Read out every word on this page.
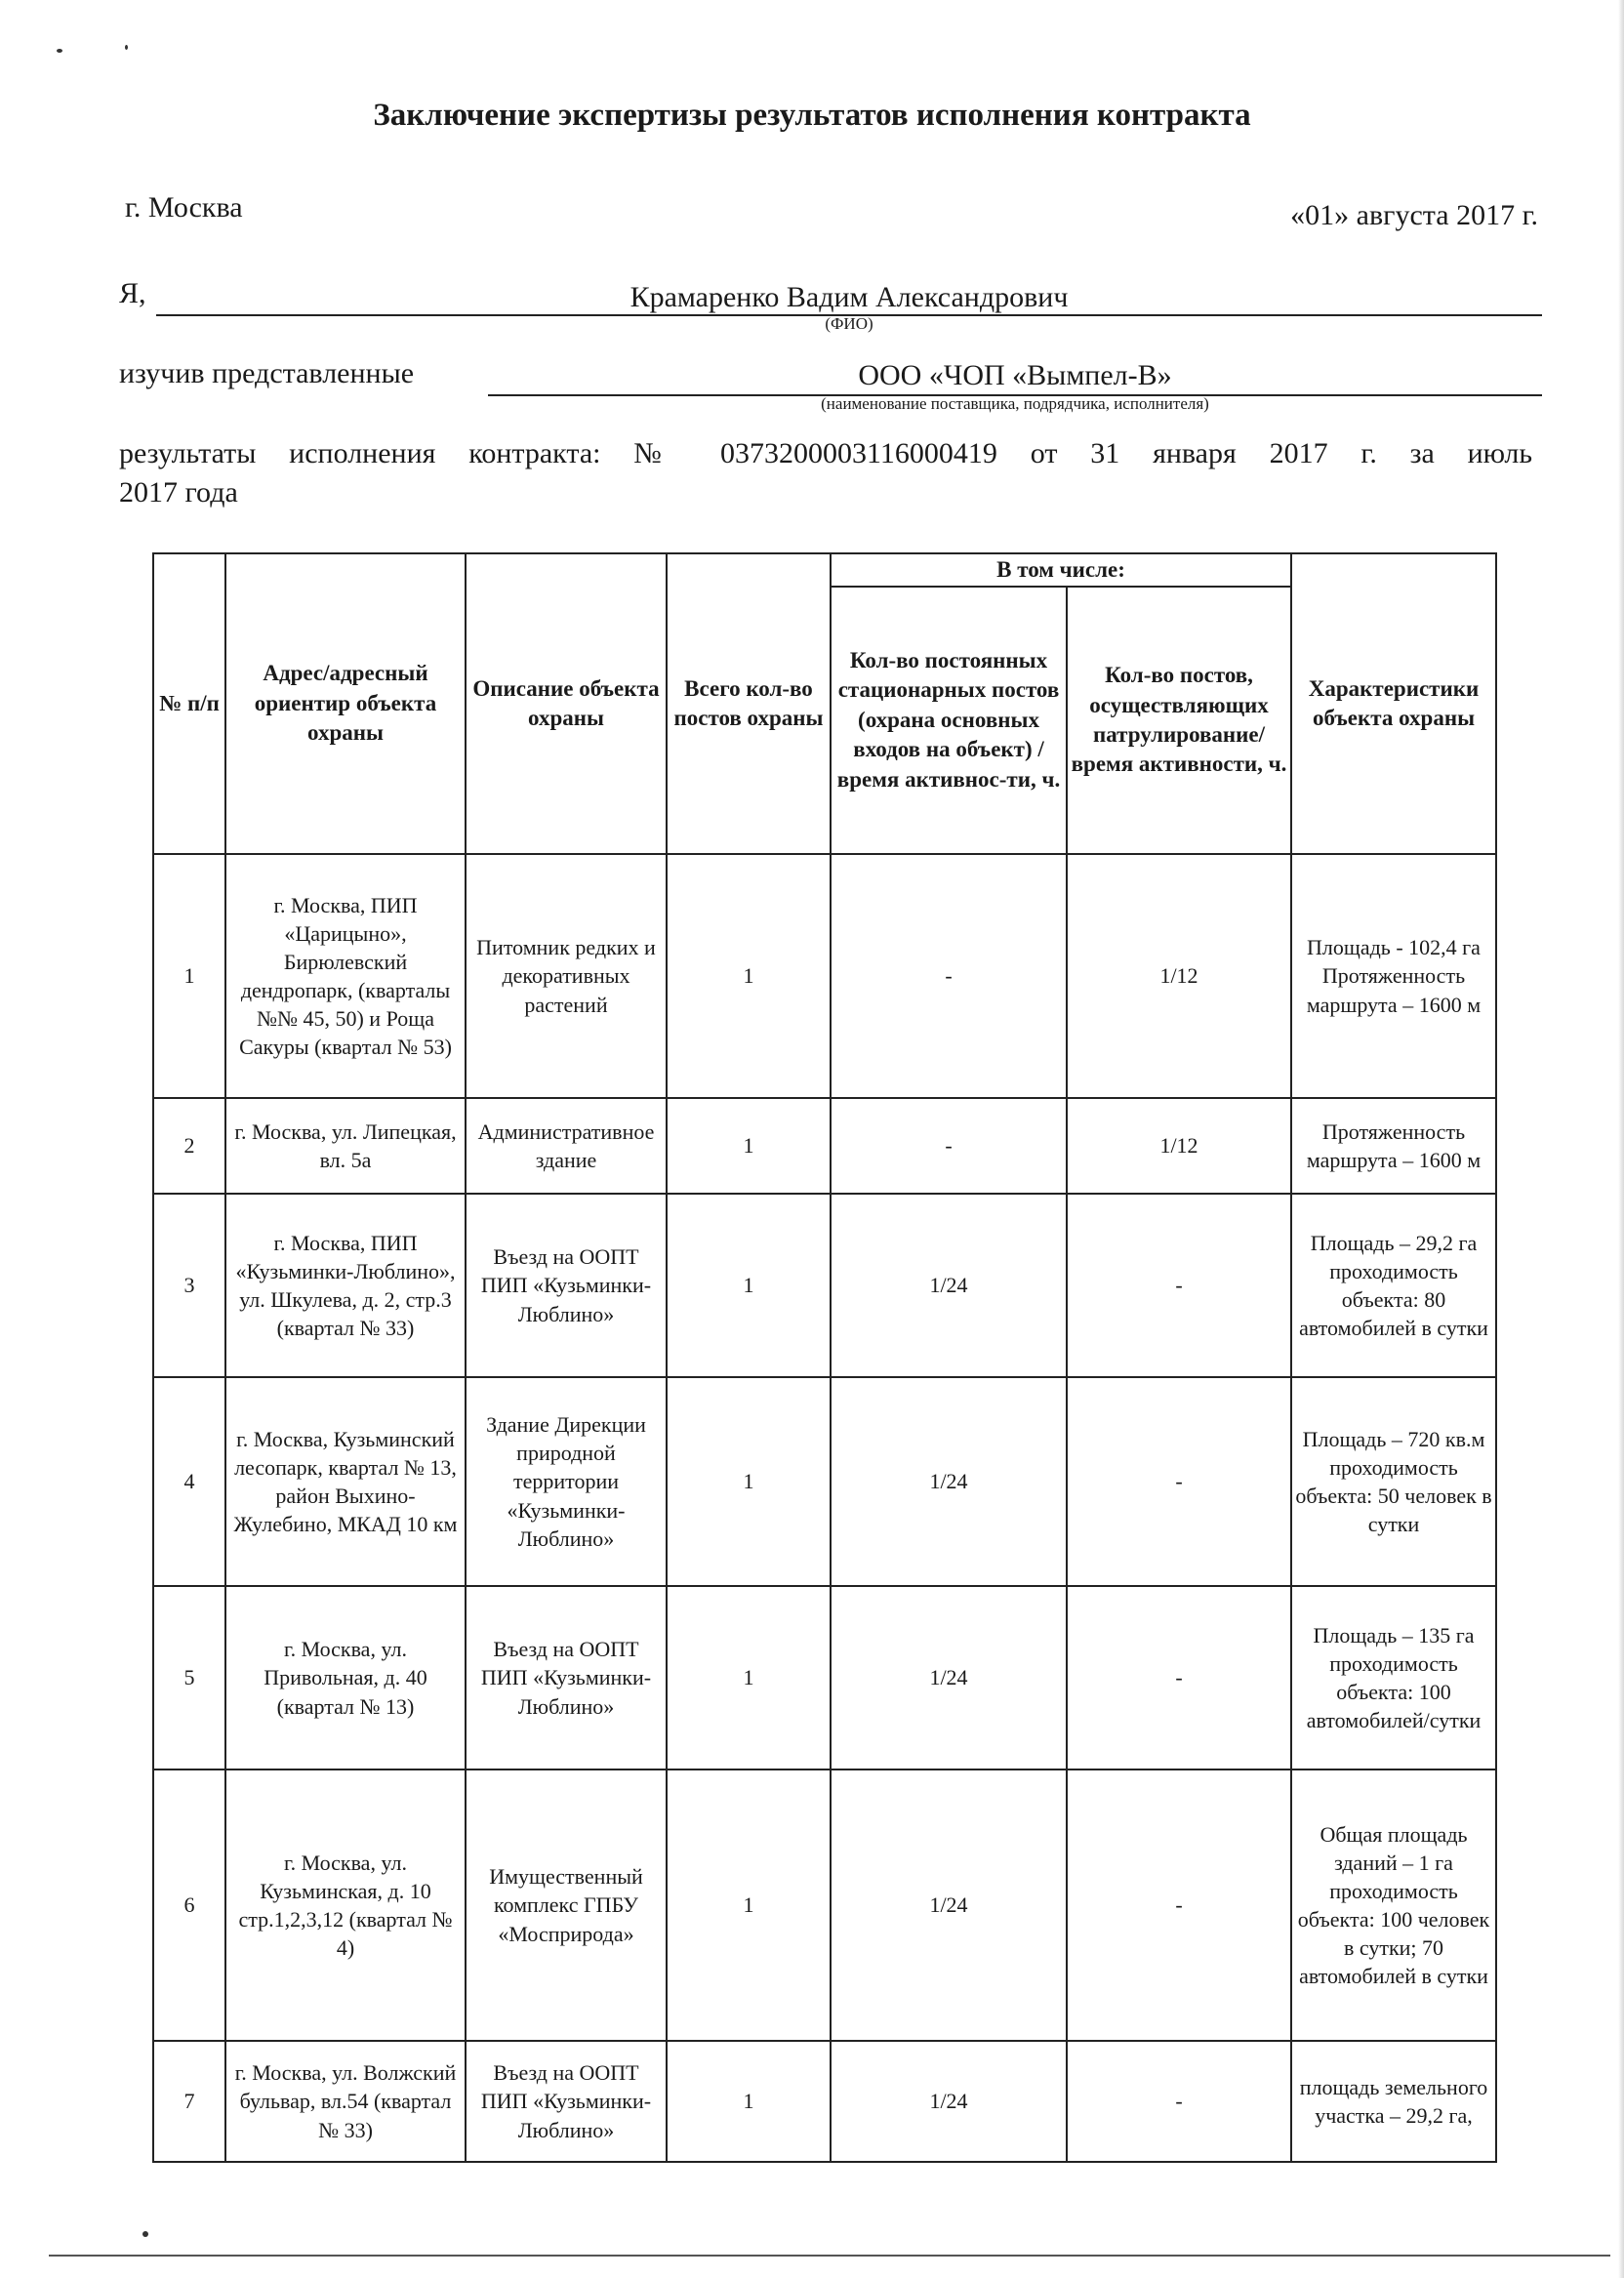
Заключение экспертизы результатов исполнения контракта
г. Москва	«01» августа 2017 г.
Я,	Крамаренко Вадим Александрович
(ФИО)
изучив представленные	ООО «ЧОП «Вымпел-В»
(наименование поставщика, подрядчика, исполнителя)
результаты исполнения контракта: № 0373200003116000419 от 31 января 2017 г. за июль
2017 года
№ п/п	Адрес/адресный ориентир объекта охраны	Описание объекта охраны	Всего кол-во постов охраны	В том числе:		Характеристики объекта охраны
				Кол-во постоянных стационарных постов (охрана основных входов на объект) /время активнос-ти, ч.	Кол-во постов, осуществляющих патрулирование/ время активности, ч.	
1	г. Москва, ПИП «Царицыно», Бирюлевский дендропарк, (кварталы №№ 45, 50) и Роща Сакуры (квартал № 53)	Питомник редких и декоративных растений	1	-	1/12	Площадь - 102,4 га Протяженность маршрута – 1600 м
2	г. Москва, ул. Липецкая, вл. 5а	Административное здание	1	-	1/12	Протяженность маршрута – 1600 м
3	г. Москва, ПИП «Кузьминки-Люблино», ул. Шкулева, д. 2, стр.3 (квартал № 33)	Въезд на ООПТ ПИП «Кузьминки-Люблино»	1	1/24	-	Площадь – 29,2 га проходимость объекта: 80 автомобилей в сутки
4	г. Москва, Кузьминский лесопарк, квартал № 13, район Выхино-Жулебино, МКАД 10 км	Здание Дирекции природной территории «Кузьминки-Люблино»	1	1/24	-	Площадь – 720 кв.м проходимость объекта: 50 человек в сутки
5	г. Москва, ул. Привольная, д. 40 (квартал № 13)	Въезд на ООПТ ПИП «Кузьминки-Люблино»	1	1/24	-	Площадь – 135 га проходимость объекта: 100 автомобилей/сутки
6	г. Москва, ул. Кузьминская, д. 10 стр.1,2,3,12 (квартал № 4)	Имущественный комплекс ГПБУ «Мосприрода»	1	1/24	-	Общая площадь зданий – 1 га проходимость объекта: 100 человек в сутки; 70 автомобилей в сутки
7	г. Москва, ул. Волжский бульвар, вл.54 (квартал № 33)	Въезд на ООПТ ПИП «Кузьминки-Люблино»	1	1/24	-	площадь земельного участка – 29,2 га,
